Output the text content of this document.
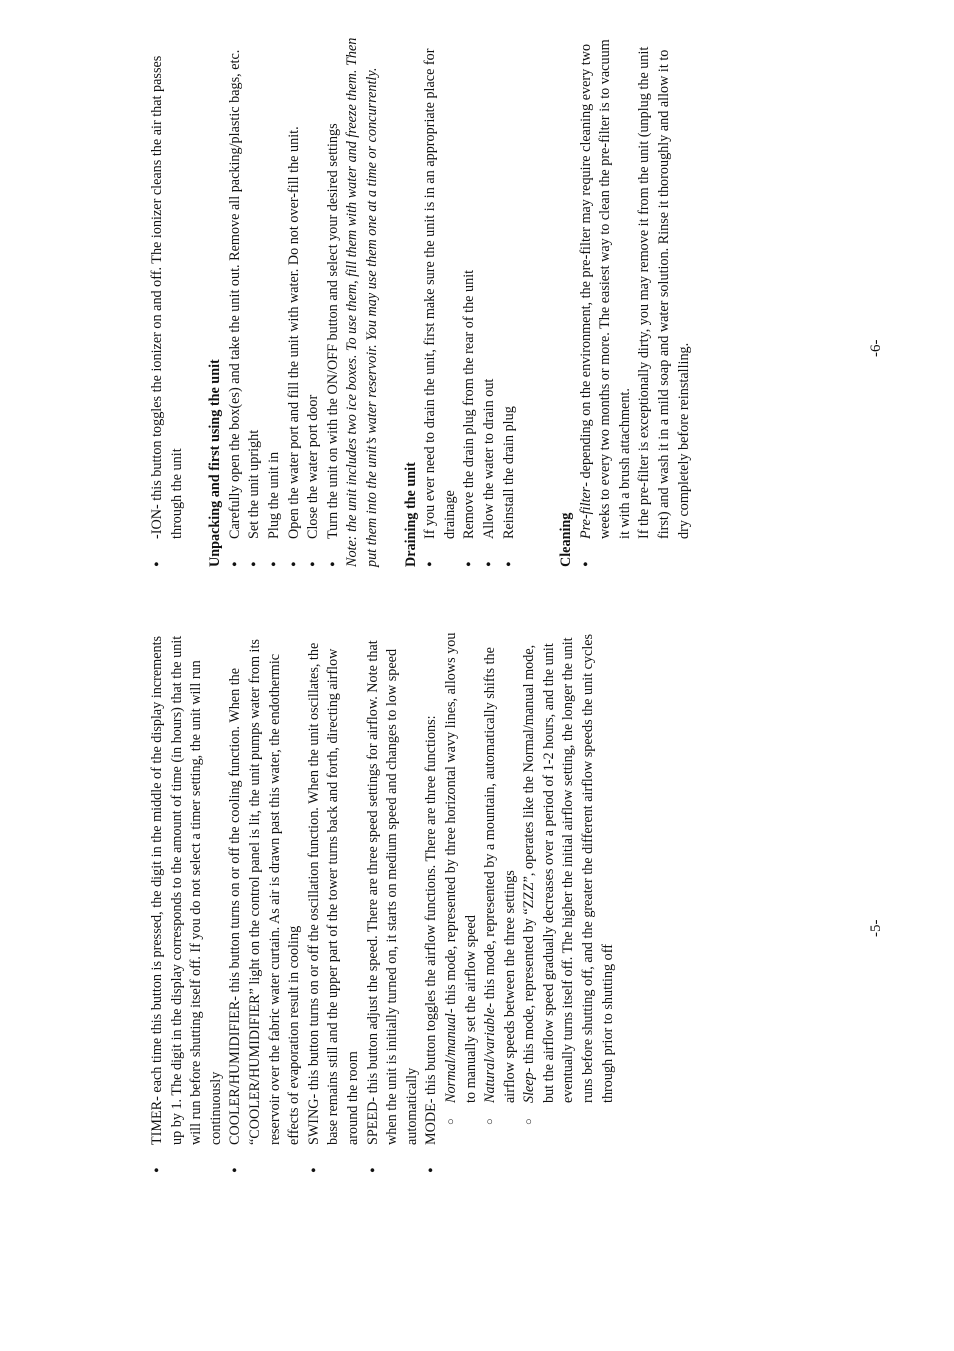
• TIMER- each time this button is pressed, the digit in the middle of the display increments up by 1. The digit in the display corresponds to the amount of time (in hours) that the unit will run before shutting itself off. If you do not select a timer setting, the unit will run continuously • COOLER/HUMIDIFIER- this button turns on or off the cooling function. When the “COOLER/HUMIDIFIER” light on the control panel is lit, the unit pumps water from its reservoir over the fabric water curtain. As air is drawn past this water, the endothermic effects of evaporation result in cooling • SWING- this button turns on or off the oscillation function. When the unit oscillates, the base remains still and the upper part of the tower turns back and forth, directing airflow around the room • SPEED- this button adjust the speed. There are three speed settings for airflow. Note that when the unit is initially turned on, it starts on medium speed and changes to low speed automatically • MODE- this button toggles the airflow functions. There are three functions: ○ Normal/manual- this mode, represented by three horizontal wavy lines, allows you to manually set the airflow speed ○ Natural/variable- this mode, represented by a mountain, automatically shifts the airflow speeds between the three settings ○ Sleep- this mode, represented by “ZZZ”, operates like the Normal/manual mode, but the airflow speed gradually decreases over a period of 1-2 hours, and the unit eventually turns itself off. The higher the initial airflow setting, the longer the unit runs before shutting off, and the greater the different airflow speeds the unit cycles through prior to shutting off
• -ION- this button toggles the ionizer on and off. The ionizer cleans the air that passes through the unit Unpacking and first using the unit • Carefully open the box(es) and take the unit out. Remove all packing/plastic bags, etc. • Set the unit upright • Plug the unit in • Open the water port and fill the unit with water. Do not over-fill the unit. • Close the water port door • Turn the unit on with the ON/OFF button and select your desired settings Note: the unit includes two ice boxes. To use them, fill them with water and freeze them. Then put them into the unit’s water reservoir. You may use them one at a time or concurrently. Draining the unit • If you ever need to drain the unit, first make sure the unit is in an appropriate place for drainage • Remove the drain plug from the rear of the unit • Allow the water to drain out • Reinstall the drain plug

Cleaning • Pre-filter- depending on the environment, the pre-filter may require cleaning every two weeks to every two months or more. The easiest way to clean the pre-filter is to vacuum it with a brush attachment. If the pre-filter is exceptionally dirty, you may remove it from the unit (unplug the unit first) and wash it in a mild soap and water solution. Rinse it thoroughly and allow it to dry completely before reinstalling.
-5-
-6-
